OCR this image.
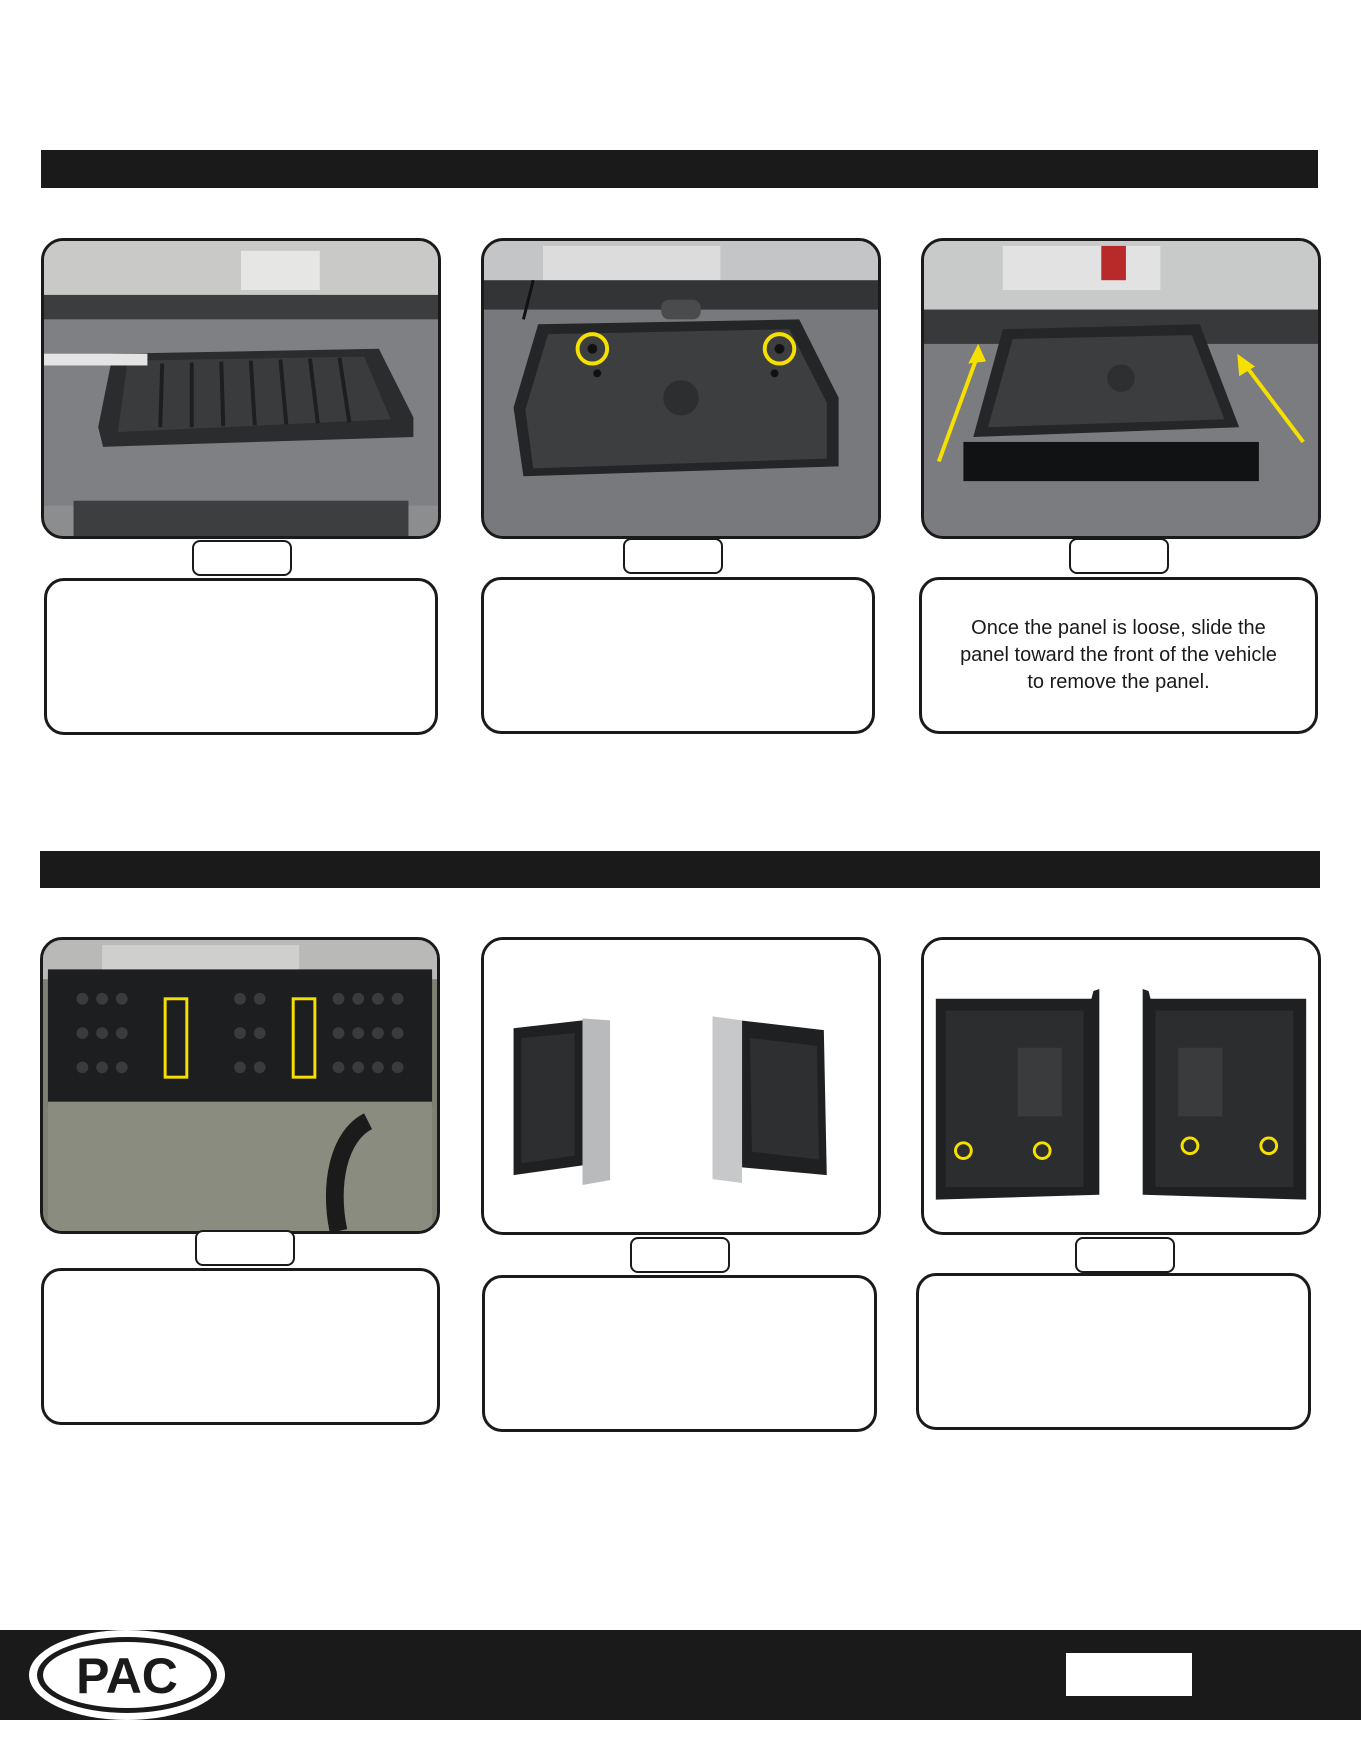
Once the panel is loose, slide the panel toward the front of the vehicle to remove the panel.
PAC
